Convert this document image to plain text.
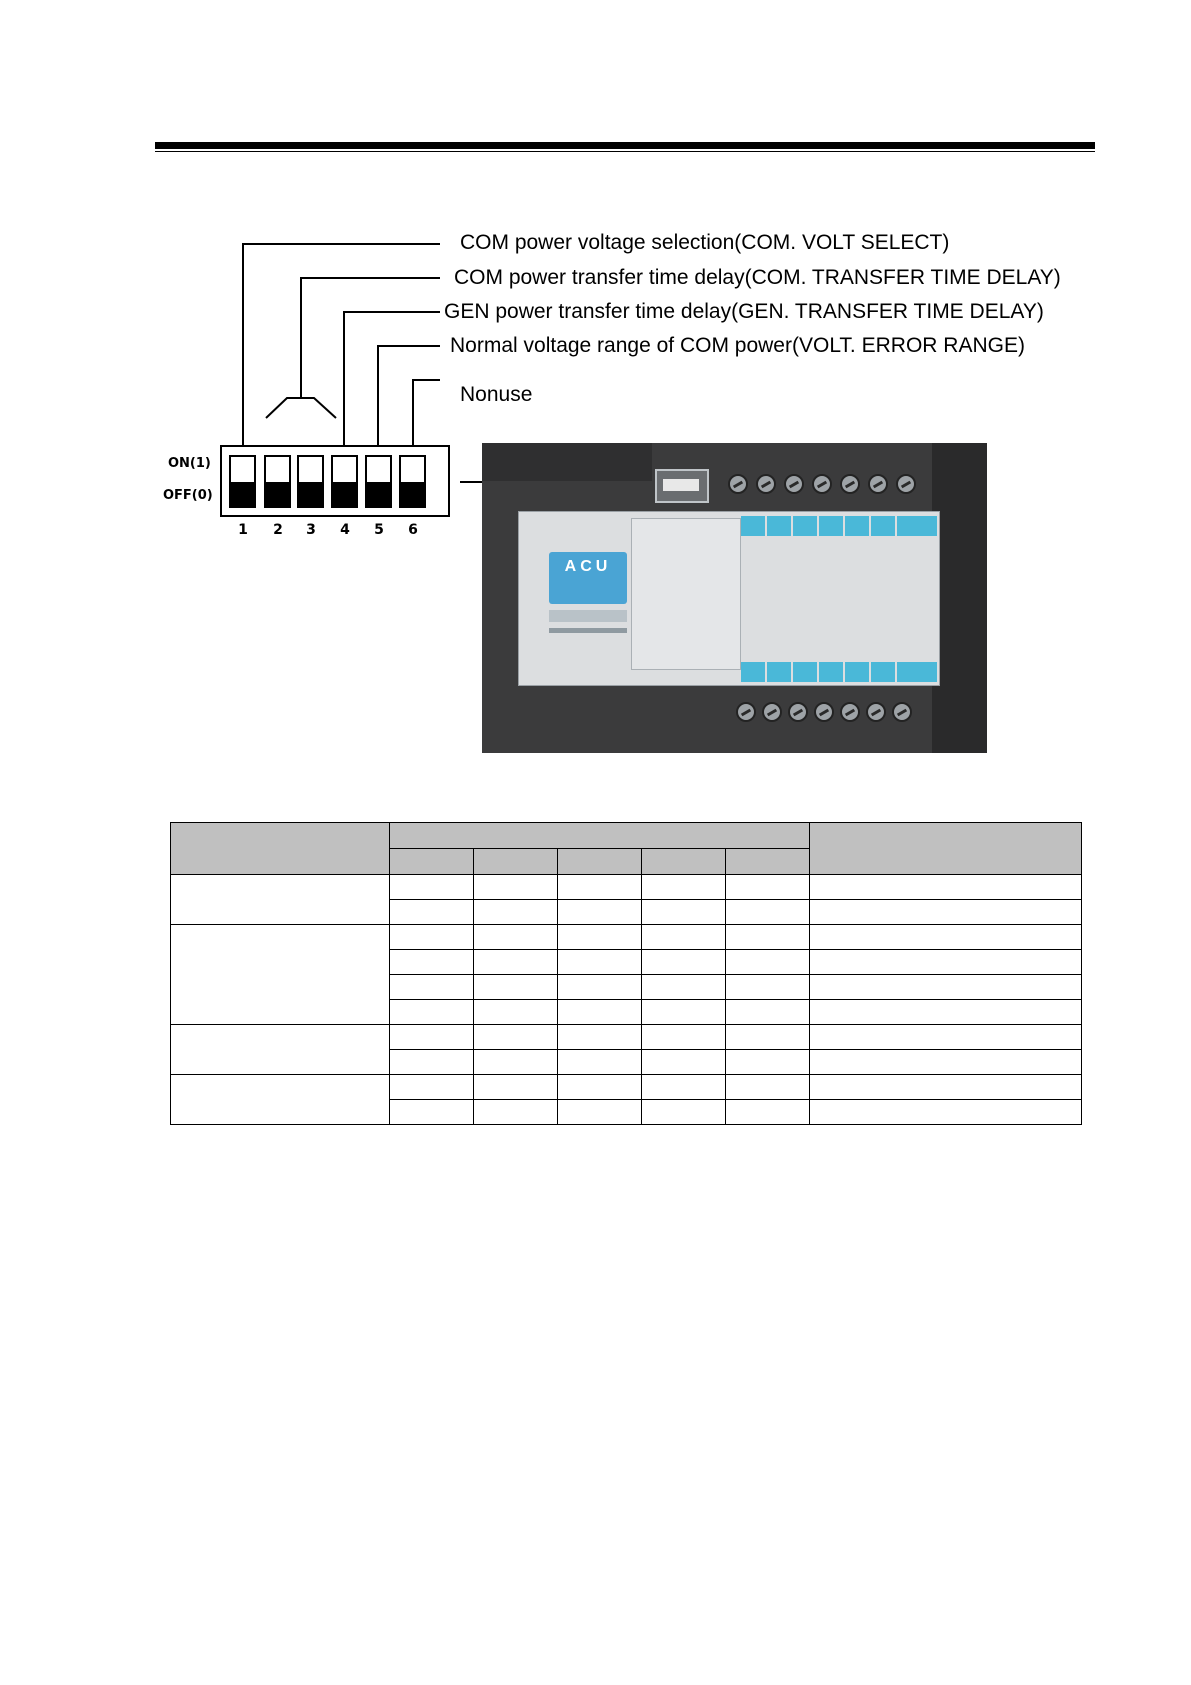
COM power voltage selection(COM. VOLT SELECT)
COM power transfer time delay(COM. TRANSFER TIME DELAY)
GEN power transfer time delay(GEN. TRANSFER TIME DELAY)
Normal voltage range of COM power(VOLT. ERROR RANGE)
Nonuse
ON(1)
OFF(0)
1	2	3	4	5	6
ACU
